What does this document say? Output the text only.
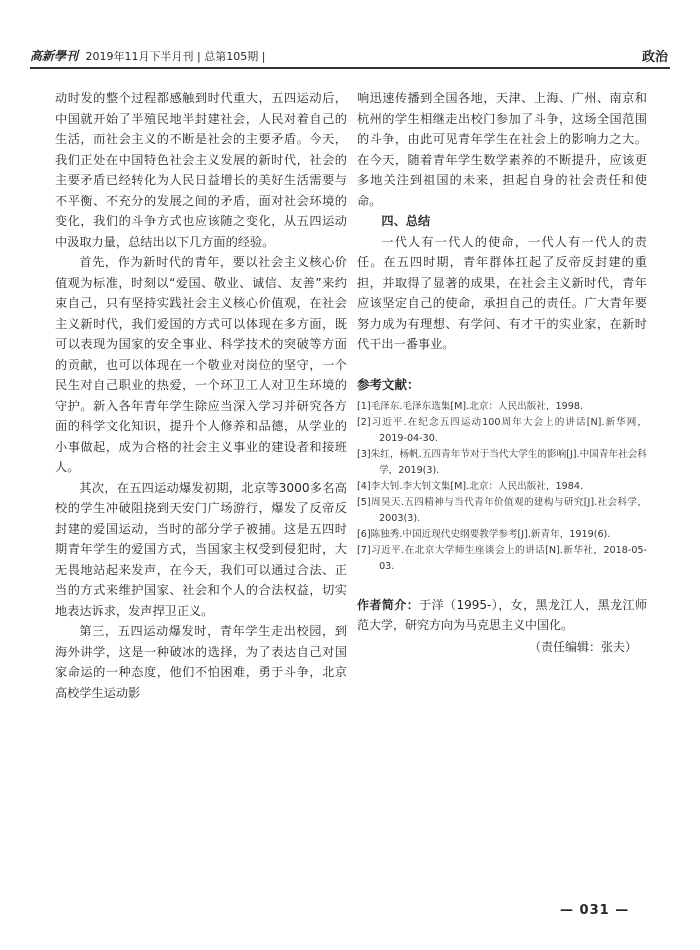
高新學刊 2019年11月下半月刊 | 总第105期 |	政治

动时发的整个过程都感触到时代重大，五四运动后，中国就开始了半殖民地半封建社会，人民对着自己的生活，而社会主义的不断是社会的主要矛盾。今天，我们正处在中国特色社会主义发展的新时代，社会的主要矛盾已经转化为人民日益增长的美好生活需要与不平衡、不充分的发展之间的矛盾，面对社会环境的变化，我们的斗争方式也应该随之变化，从五四运动中汲取力量，总结出以下几方面的经验。

首先，作为新时代的青年，要以社会主义核心价值观为标准，时刻以“爱国、敬业、诚信、友善”来约束自己，只有坚持实践社会主义核心价值观，在社会主义新时代，我们爱国的方式可以体现在多方面，既可以表现为国家的安全事业、科学技术的突破等方面的贡献，也可以体现在一个敬业对岗位的坚守，一个民生对自己职业的热爱，一个环卫工人对卫生环境的守护。新入各年青年学生除应当深入学习并研究各方面的科学文化知识，提升个人修养和品德，从学业的小事做起，成为合格的社会主义事业的建设者和接班人。

其次，在五四运动爆发初期，北京等3000多名高校的学生冲破阻挠到天安门广场游行，爆发了反帝反封建的爱国运动，当时的部分学子被捕。这是五四时期青年学生的爱国方式，当国家主权受到侵犯时，大无畏地站起来发声，在今天，我们可以通过合法、正当的方式来维护国家、社会和个人的合法权益，切实地表达诉求，发声捍卫正义。

第三，五四运动爆发时，青年学生走出校园，到海外讲学，这是一种破冰的选择，为了表达自己对国家命运的一种态度，他们不怕困难，勇于斗争，北京高校学生运动影

响迅速传播到全国各地，天津、上海、广州、南京和杭州的学生相继走出校门参加了斗争，这场全国范围的斗争，由此可见青年学生在社会上的影响力之大。在今天，随着青年学生数学素养的不断提升，应该更多地关注到祖国的未来，担起自身的社会责任和使命。

四、总结

一代人有一代人的使命，一代人有一代人的责任。在五四时期，青年群体扛起了反帝反封建的重担，并取得了显著的成果，在社会主义新时代，青年应该坚定自己的使命，承担自己的责任。广大青年要努力成为有理想、有学问、有才干的实业家，在新时代干出一番事业。

参考文献：
[1]毛泽东.毛泽东选集[M].北京：人民出版社，1998.
[2]习近平.在纪念五四运动100周年大会上的讲话[N].新华网，2019-04-30.
[3]朱红，杨帆.五四青年节对于当代大学生的影响[J].中国青年社会科学，2019(3).
[4]李大钊.李大钊文集[M].北京：人民出版社，1984.
[5]周昊天.五四精神与当代青年价值观的建构与研究[J].社会科学，2003(3).
[6]陈独秀.中国近现代史纲要教学参考[J].新青年，1919(6).
[7]习近平.在北京大学师生座谈会上的讲话[N].新华社，2018-05-03.
作者简介：于洋（1995-），女，黑龙江人，黑龙江师范大学，研究方向为马克思主义中国化。
（责任编辑：张夫）
— 031 —
